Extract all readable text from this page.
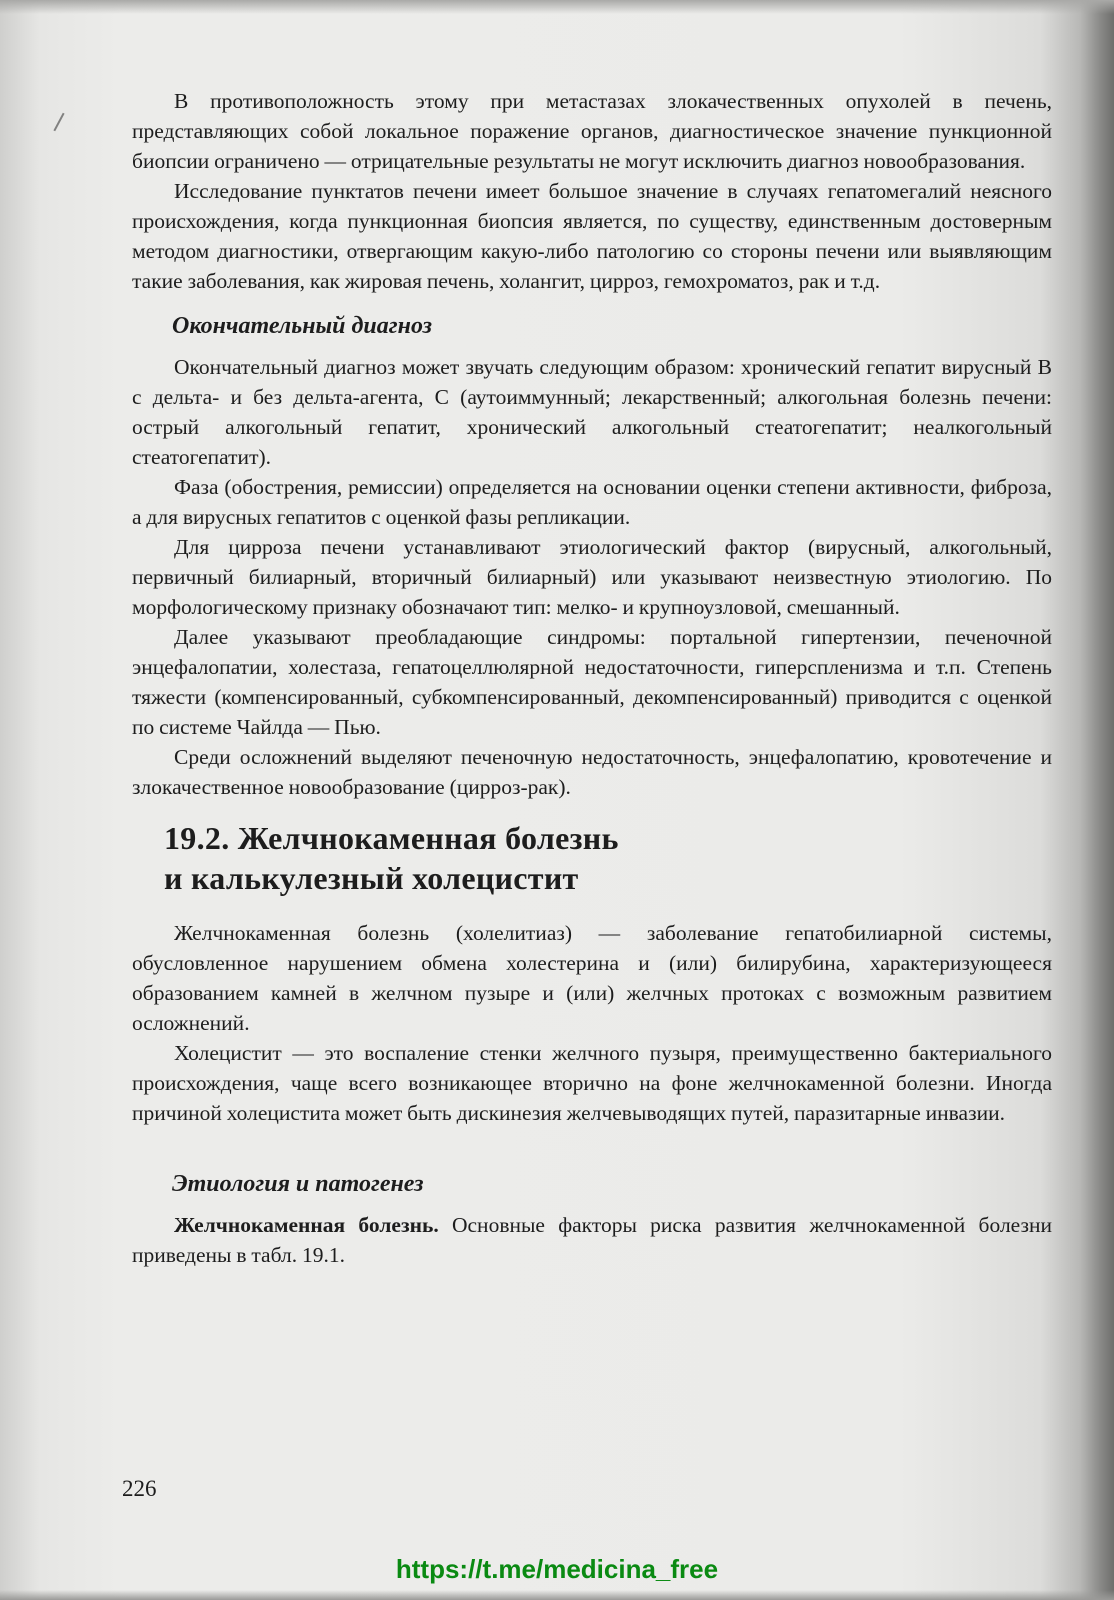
В противоположность этому при метастазах злокачественных опухолей в печень, представляющих собой локальное поражение органов, диагностическое значение пункционной биопсии ограничено — отрицательные результаты не могут исключить диагноз новообразования.

Исследование пунктатов печени имеет большое значение в случаях гепатомегалий неясного происхождения, когда пункционная биопсия является, по существу, единственным достоверным методом диагностики, отвергающим какую-либо патологию со стороны печени или выявляющим такие заболевания, как жировая печень, холангит, цирроз, гемохроматоз, рак и т.д.

Окончательный диагноз

Окончательный диагноз может звучать следующим образом: хронический гепатит вирусный В с дельта- и без дельта-агента, С (аутоиммунный; лекарственный; алкогольная болезнь печени: острый алкогольный гепатит, хронический алкогольный стеатогепатит; неалкогольный стеатогепатит).

Фаза (обострения, ремиссии) определяется на основании оценки степени активности, фиброза, а для вирусных гепатитов с оценкой фазы репликации.

Для цирроза печени устанавливают этиологический фактор (вирусный, алкогольный, первичный билиарный, вторичный билиарный) или указывают неизвестную этиологию. По морфологическому признаку обозначают тип: мелко- и крупноузловой, смешанный.

Далее указывают преобладающие синдромы: портальной гипертензии, печеночной энцефалопатии, холестаза, гепатоцеллюлярной недостаточности, гиперспленизма и т.п. Степень тяжести (компенсированный, субкомпенсированный, декомпенсированный) приводится с оценкой по системе Чайлда — Пью.

Среди осложнений выделяют печеночную недостаточность, энцефалопатию, кровотечение и злокачественное новообразование (цирроз-рак).

19.2. Желчнокаменная болезнь
и калькулезный холецистит

Желчнокаменная болезнь (холелитиаз) — заболевание гепатобилиарной системы, обусловленное нарушением обмена холестерина и (или) билирубина, характеризующееся образованием камней в желчном пузыре и (или) желчных протоках с возможным развитием осложнений.

Холецистит — это воспаление стенки желчного пузыря, преимущественно бактериального происхождения, чаще всего возникающее вторично на фоне желчнокаменной болезни. Иногда причиной холецистита может быть дискинезия желчевыводящих путей, паразитарные инвазии.

Этиология и патогенез

Желчнокаменная болезнь. Основные факторы риска развития желчнокаменной болезни приведены в табл. 19.1.

226
https://t.me/medicina_free
